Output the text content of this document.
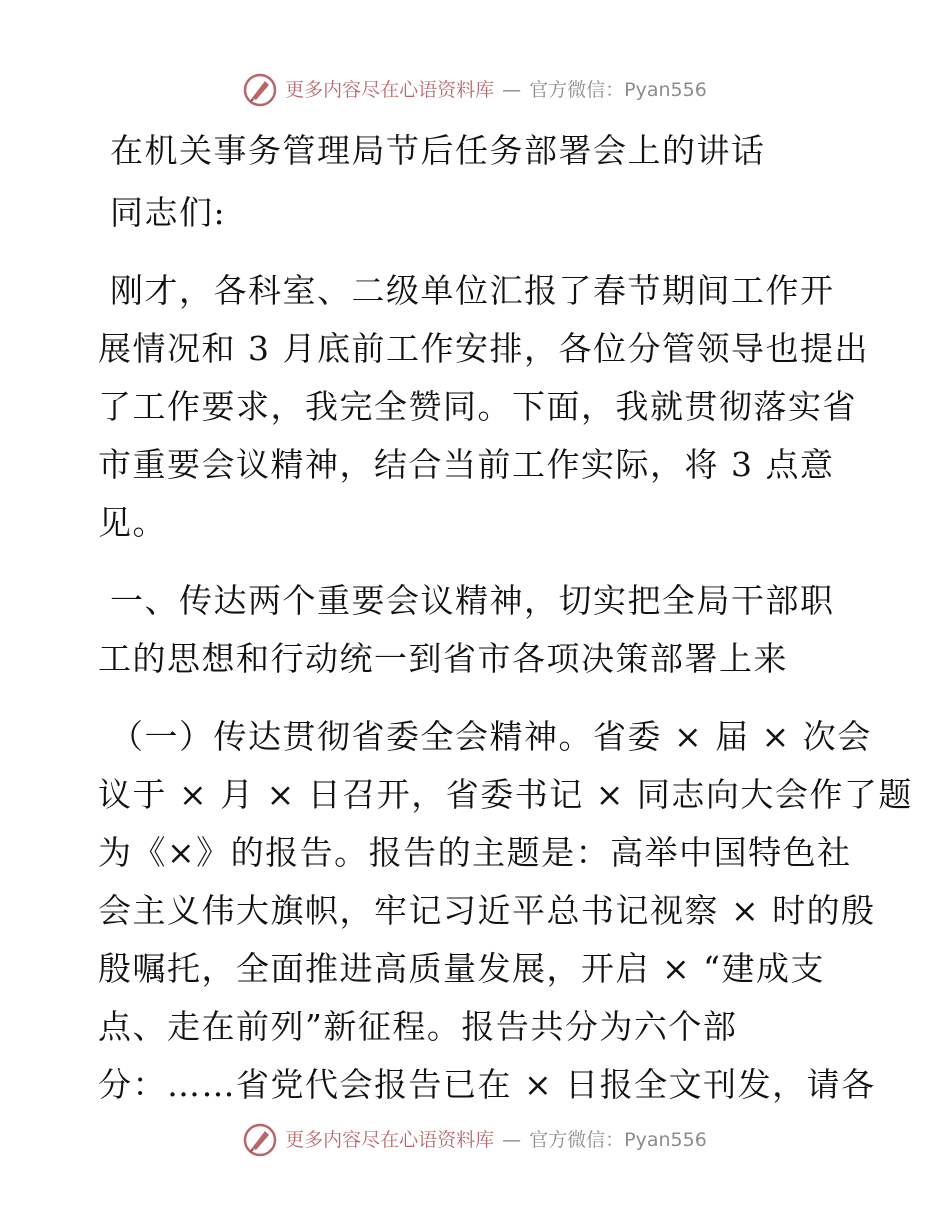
更多内容尽在心语资料库 — 官方微信：Pyan556
在机关事务管理局节后任务部署会上的讲话

同志们:

刚才，各科室、二级单位汇报了春节期间工作开
展情况和 3 月底前工作安排，各位分管领导也提出
了工作要求，我完全赞同。下面，我就贯彻落实省
市重要会议精神，结合当前工作实际，将 3 点意
见。

一、传达两个重要会议精神，切实把全局干部职
工的思想和行动统一到省市各项决策部署上来

（一）传达贯彻省委全会精神。省委 × 届 × 次会
议于 × 月 × 日召开，省委书记 × 同志向大会作了题
为《×》的报告。报告的主题是：高举中国特色社
会主义伟大旗帜，牢记习近平总书记视察 × 时的殷
殷嘱托，全面推进高质量发展，开启 × “建成支
点、走在前列”新征程。报告共分为六个部
分：……省党代会报告已在 × 日报全文刊发，请各

更多内容尽在心语资料库 — 官方微信：Pyan556
